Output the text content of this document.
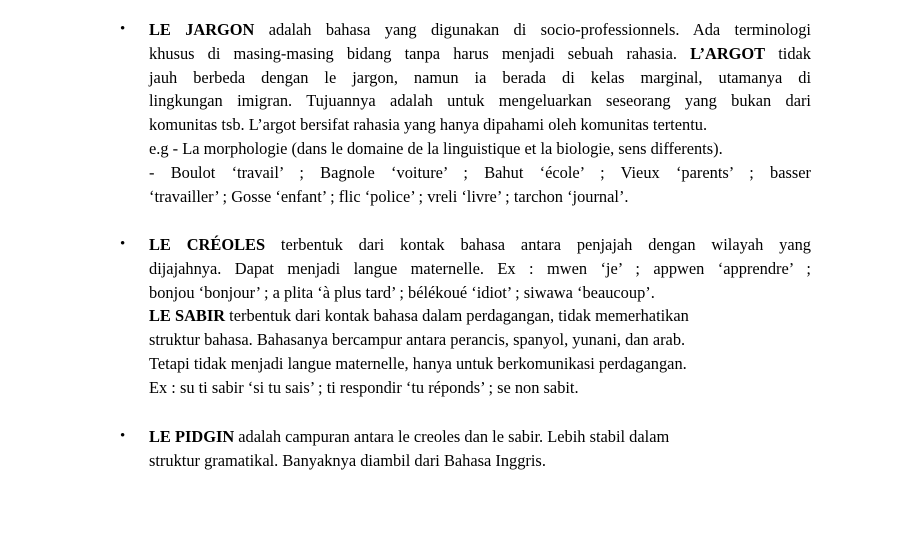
• LE JARGON adalah bahasa yang digunakan di socio-professionnels. Ada terminologi
khusus di masing-masing bidang tanpa harus menjadi sebuah rahasia. L’ARGOT tidak
jauh berbeda dengan le jargon, namun ia berada di kelas marginal, utamanya di
lingkungan imigran. Tujuannya adalah untuk mengeluarkan seseorang yang bukan dari
komunitas tsb. L’argot bersifat rahasia yang hanya dipahami oleh komunitas tertentu.
e.g - La morphologie (dans le domaine de la linguistique et la biologie, sens differents).
- Boulot ‘travail’ ; Bagnole ‘voiture’ ; Bahut ‘école’ ; Vieux ‘parents’ ; basser
‘travailler’ ; Gosse ‘enfant’ ; flic ‘police’ ; vreli ‘livre’ ; tarchon ‘journal’.
• LE CRÉOLES terbentuk dari kontak bahasa antara penjajah dengan wilayah yang
dijajahnya. Dapat menjadi langue maternelle. Ex : mwen ‘je’ ; appwen ‘apprendre’ ;
bonjou ‘bonjour’ ; a plita ‘à plus tard’ ; bélékoué ‘idiot’ ; siwawa ‘beaucoup’.
LE SABIR terbentuk dari kontak bahasa dalam perdagangan, tidak memerhatikan
struktur bahasa. Bahasanya bercampur antara perancis, spanyol, yunani, dan arab.
Tetapi tidak menjadi langue maternelle, hanya untuk berkomunikasi perdagangan.
Ex : su ti sabir ‘si tu sais’ ; ti respondir ‘tu réponds’ ; se non sabit.
• LE PIDGIN adalah campuran antara le creoles dan le sabir. Lebih stabil dalam
struktur gramatikal. Banyaknya diambil dari Bahasa Inggris.
